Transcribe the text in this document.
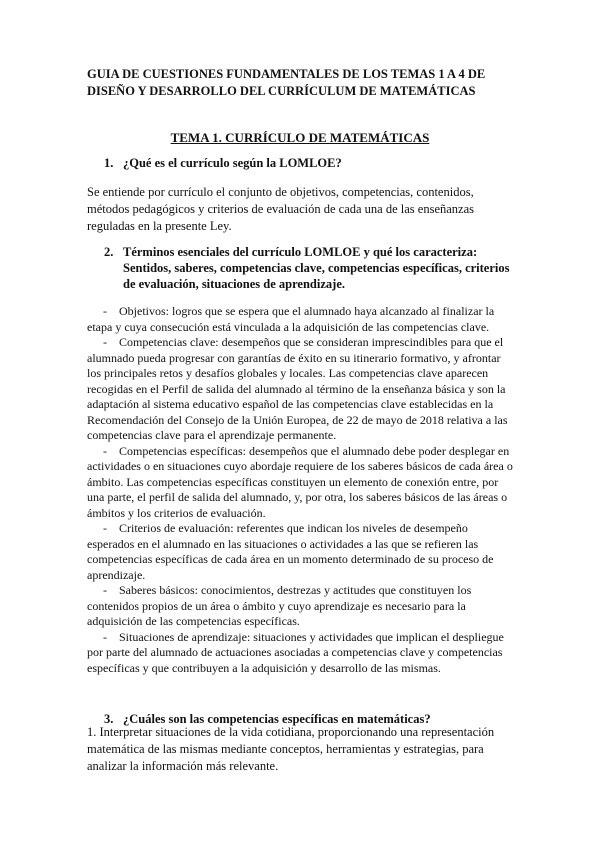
GUIA DE CUESTIONES FUNDAMENTALES DE LOS TEMAS 1 A 4 DE DISEÑO Y DESARROLLO DEL CURRÍCULUM DE MATEMÁTICAS
TEMA 1. CURRÍCULO DE MATEMÁTICAS
1. ¿Qué es el currículo según la LOMLOE?

Se entiende por currículo el conjunto de objetivos, competencias, contenidos, métodos pedagógicos y criterios de evaluación de cada una de las enseñanzas reguladas en la presente Ley.

2. Términos esenciales del currículo LOMLOE y qué los caracteriza: Sentidos, saberes, competencias clave, competencias específicas, criterios de evaluación, situaciones de aprendizaje.
- Objetivos: logros que se espera que el alumnado haya alcanzado al finalizar la etapa y cuya consecución está vinculada a la adquisición de las competencias clave.
- Competencias clave: desempeños que se consideran imprescindibles para que el alumnado pueda progresar con garantías de éxito en su itinerario formativo, y afrontar los principales retos y desafíos globales y locales. Las competencias clave aparecen recogidas en el Perfil de salida del alumnado al término de la enseñanza básica y son la adaptación al sistema educativo español de las competencias clave establecidas en la Recomendación del Consejo de la Unión Europea, de 22 de mayo de 2018 relativa a las competencias clave para el aprendizaje permanente.
- Competencias específicas: desempeños que el alumnado debe poder desplegar en actividades o en situaciones cuyo abordaje requiere de los saberes básicos de cada área o ámbito. Las competencias específicas constituyen un elemento de conexión entre, por una parte, el perfil de salida del alumnado, y, por otra, los saberes básicos de las áreas o ámbitos y los criterios de evaluación.
- Criterios de evaluación: referentes que indican los niveles de desempeño esperados en el alumnado en las situaciones o actividades a las que se refieren las competencias específicas de cada área en un momento determinado de su proceso de aprendizaje.
- Saberes básicos: conocimientos, destrezas y actitudes que constituyen los contenidos propios de un área o ámbito y cuyo aprendizaje es necesario para la adquisición de las competencias específicas.
- Situaciones de aprendizaje: situaciones y actividades que implican el despliegue por parte del alumnado de actuaciones asociadas a competencias clave y competencias específicas y que contribuyen a la adquisición y desarrollo de las mismas.
3. ¿Cuáles son las competencias específicas en matemáticas?

1. Interpretar situaciones de la vida cotidiana, proporcionando una representación matemática de las mismas mediante conceptos, herramientas y estrategias, para analizar la información más relevante.
